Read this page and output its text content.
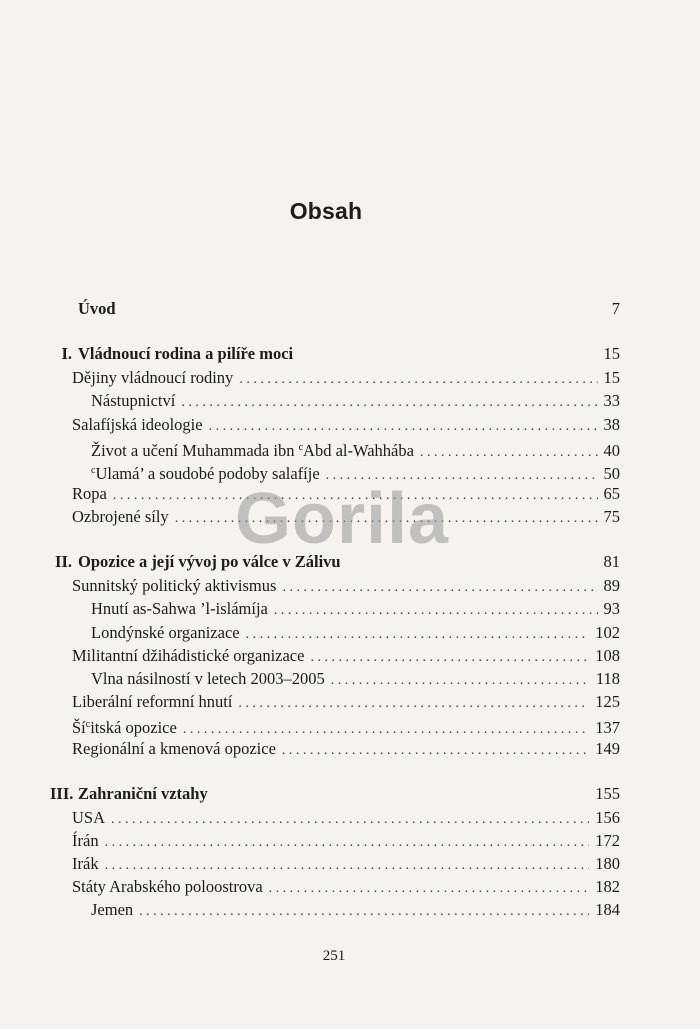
Obsah
Úvod	7
I. Vládnoucí rodina a pilíře moci	15
Dějiny vládnoucí rodiny . . .	15
Nástupnictví . . .	33
Salafíjská ideologie . . .	38
Život a učení Muhammada ibn $^c$Abd al-Wahhába . . .	40
$^c$Ulamá’ a soudobé podoby salafíje . . .	50
Ropa . . .	65
Ozbrojené síly . . .	75
II. Opozice a její vývoj po válce v Zálivu	81
Sunnitský politický aktivismus . . .	89
Hnutí as-Sahwa ’l-islámíja . . .	93
Londýnské organizace . . .	102
Militantní džihádistické organizace . . .	108
Vlna násilností v letech 2003–2005 . . .	118
Liberální reformní hnutí . . .	125
$Ší^citská$ opozice . . .	137
Regionální a kmenová opozice . . .	149
III. Zahraniční vztahy	155
USA . . .	156
Írán . . .	172
Irák . . .	180
Státy Arabského poloostrova . . .	182
Jemen . . .	184
Gorila
251
